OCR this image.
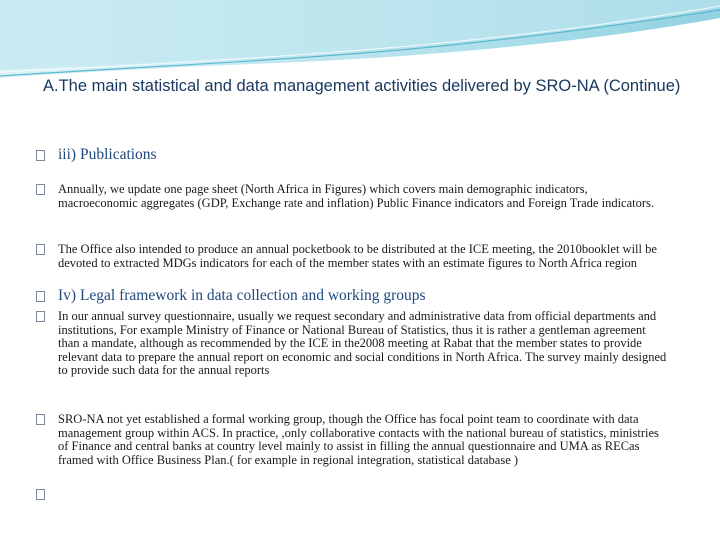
A.The main statistical and data management activities delivered by SRO-NA (Continue)
iii) Publications
Annually, we update one page sheet (North Africa in Figures) which covers main demographic indicators, macroeconomic aggregates (GDP, Exchange rate and inflation) Public Finance indicators and Foreign Trade indicators.
The Office also intended to produce an annual pocketbook to be distributed at the ICE meeting, the 2010booklet will be devoted to extracted MDGs indicators for each of the member states with an estimate figures to North Africa region
Iv) Legal framework in data collection and working groups
In our annual survey questionnaire, usually we request secondary and administrative data from official departments and institutions, For example Ministry of Finance or National Bureau of Statistics, thus it is rather a gentleman agreement than a mandate, although as recommended by the ICE in the2008 meeting at Rabat that the member states to provide relevant data to prepare the annual report on economic and social conditions in North Africa. The survey mainly designed to provide such data for the annual reports
SRO-NA not yet established a formal working group, though the Office has focal point team to coordinate with data management group within ACS. In practice, ,only collaborative contacts with the national bureau of statistics, ministries of Finance and central banks at country level mainly to assist in filling the annual questionnaire and UMA as RECas framed with Office Business Plan.( for example in regional integration, statistical database )
